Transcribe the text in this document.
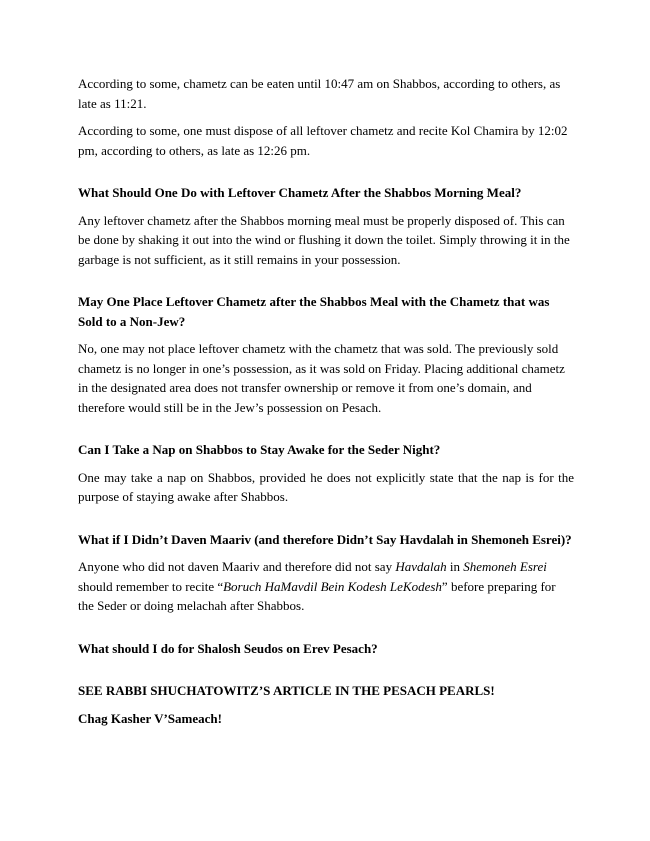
According to some, chametz can be eaten until 10:47 am on Shabbos, according to others, as late as 11:21.

According to some, one must dispose of all leftover chametz and recite Kol Chamira by 12:02 pm, according to others, as late as 12:26 pm.

What Should One Do with Leftover Chametz After the Shabbos Morning Meal?

Any leftover chametz after the Shabbos morning meal must be properly disposed of. This can be done by shaking it out into the wind or flushing it down the toilet. Simply throwing it in the garbage is not sufficient, as it still remains in your possession.

May One Place Leftover Chametz after the Shabbos Meal with the Chametz that was Sold to a Non-Jew?

No, one may not place leftover chametz with the chametz that was sold. The previously sold chametz is no longer in one’s possession, as it was sold on Friday. Placing additional chametz in the designated area does not transfer ownership or remove it from one’s domain, and therefore would still be in the Jew’s possession on Pesach.

Can I Take a Nap on Shabbos to Stay Awake for the Seder Night?

One may take a nap on Shabbos, provided he does not explicitly state that the nap is for the purpose of staying awake after Shabbos.

What if I Didn’t Daven Maariv (and therefore Didn’t Say Havdalah in Shemoneh Esrei)?

Anyone who did not daven Maariv and therefore did not say Havdalah in Shemoneh Esrei should remember to recite “Boruch HaMavdil Bein Kodesh LeKodesh” before preparing for the Seder or doing melachah after Shabbos.

What should I do for Shalosh Seudos on Erev Pesach?
SEE RABBI SHUCHATOWITZ’S ARTICLE IN THE PESACH PEARLS!
Chag Kasher V’Sameach!
